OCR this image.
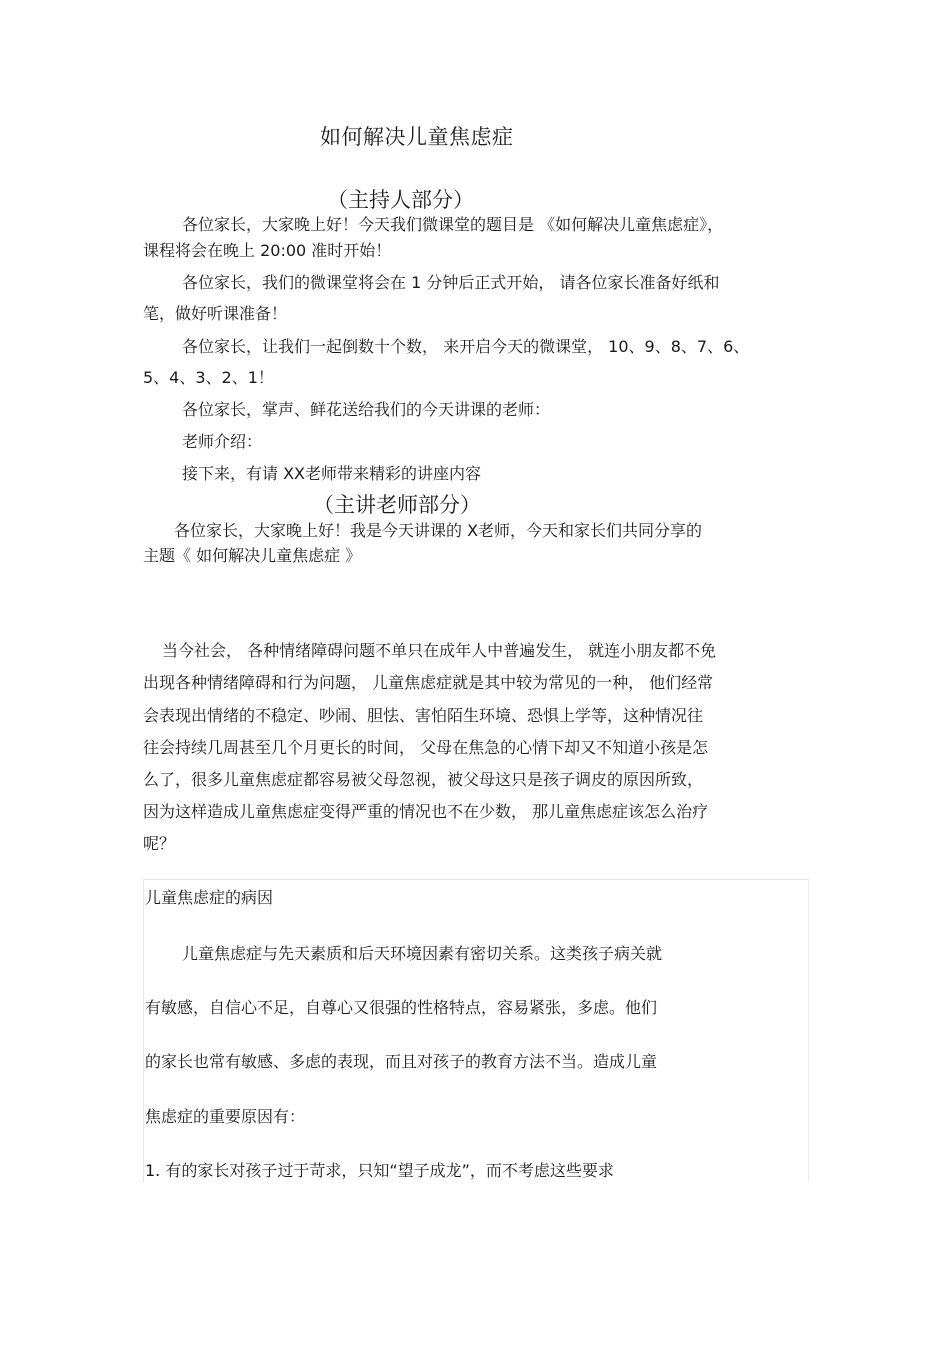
如何解决儿童焦虑症
（主持人部分）
各位家长，大家晚上好！今天我们微课堂的题目是 《如何解决儿童焦虑症》，
课程将会在晚上 20:00 准时开始！
各位家长，我们的微课堂将会在 1 分钟后正式开始， 请各位家长准备好纸和
笔，做好听课准备！
各位家长，让我们一起倒数十个数， 来开启今天的微课堂， 10、9、8、7、6、
5、4、3、2、1！
各位家长，掌声、鲜花送给我们的今天讲课的老师：
老师介绍：
接下来，有请 XX老师带来精彩的讲座内容
（主讲老师部分）
各位家长，大家晚上好！我是今天讲课的 X老师，今天和家长们共同分享的
主题《 如何解决儿童焦虑症 》
当今社会， 各种情绪障碍问题不单只在成年人中普遍发生， 就连小朋友都不免
出现各种情绪障碍和行为问题， 儿童焦虑症就是其中较为常见的一种， 他们经常
会表现出情绪的不稳定、吵闹、胆怯、害怕陌生环境、恐惧上学等，这种情况往
往会持续几周甚至几个月更长的时间， 父母在焦急的心情下却又不知道小孩是怎
么了，很多儿童焦虑症都容易被父母忽视，被父母这只是孩子调皮的原因所致，
因为这样造成儿童焦虑症变得严重的情况也不在少数， 那儿童焦虑症该怎么治疗
呢？
儿童焦虑症的病因
儿童焦虑症与先天素质和后天环境因素有密切关系。这类孩子病关就
有敏感，自信心不足，自尊心又很强的性格特点，容易紧张，多虑。他们
的家长也常有敏感、多虑的表现，而且对孩子的教育方法不当。造成儿童
焦虑症的重要原因有：
1. 有的家长对孩子过于苛求，只知“望子成龙”，而不考虑这些要求
